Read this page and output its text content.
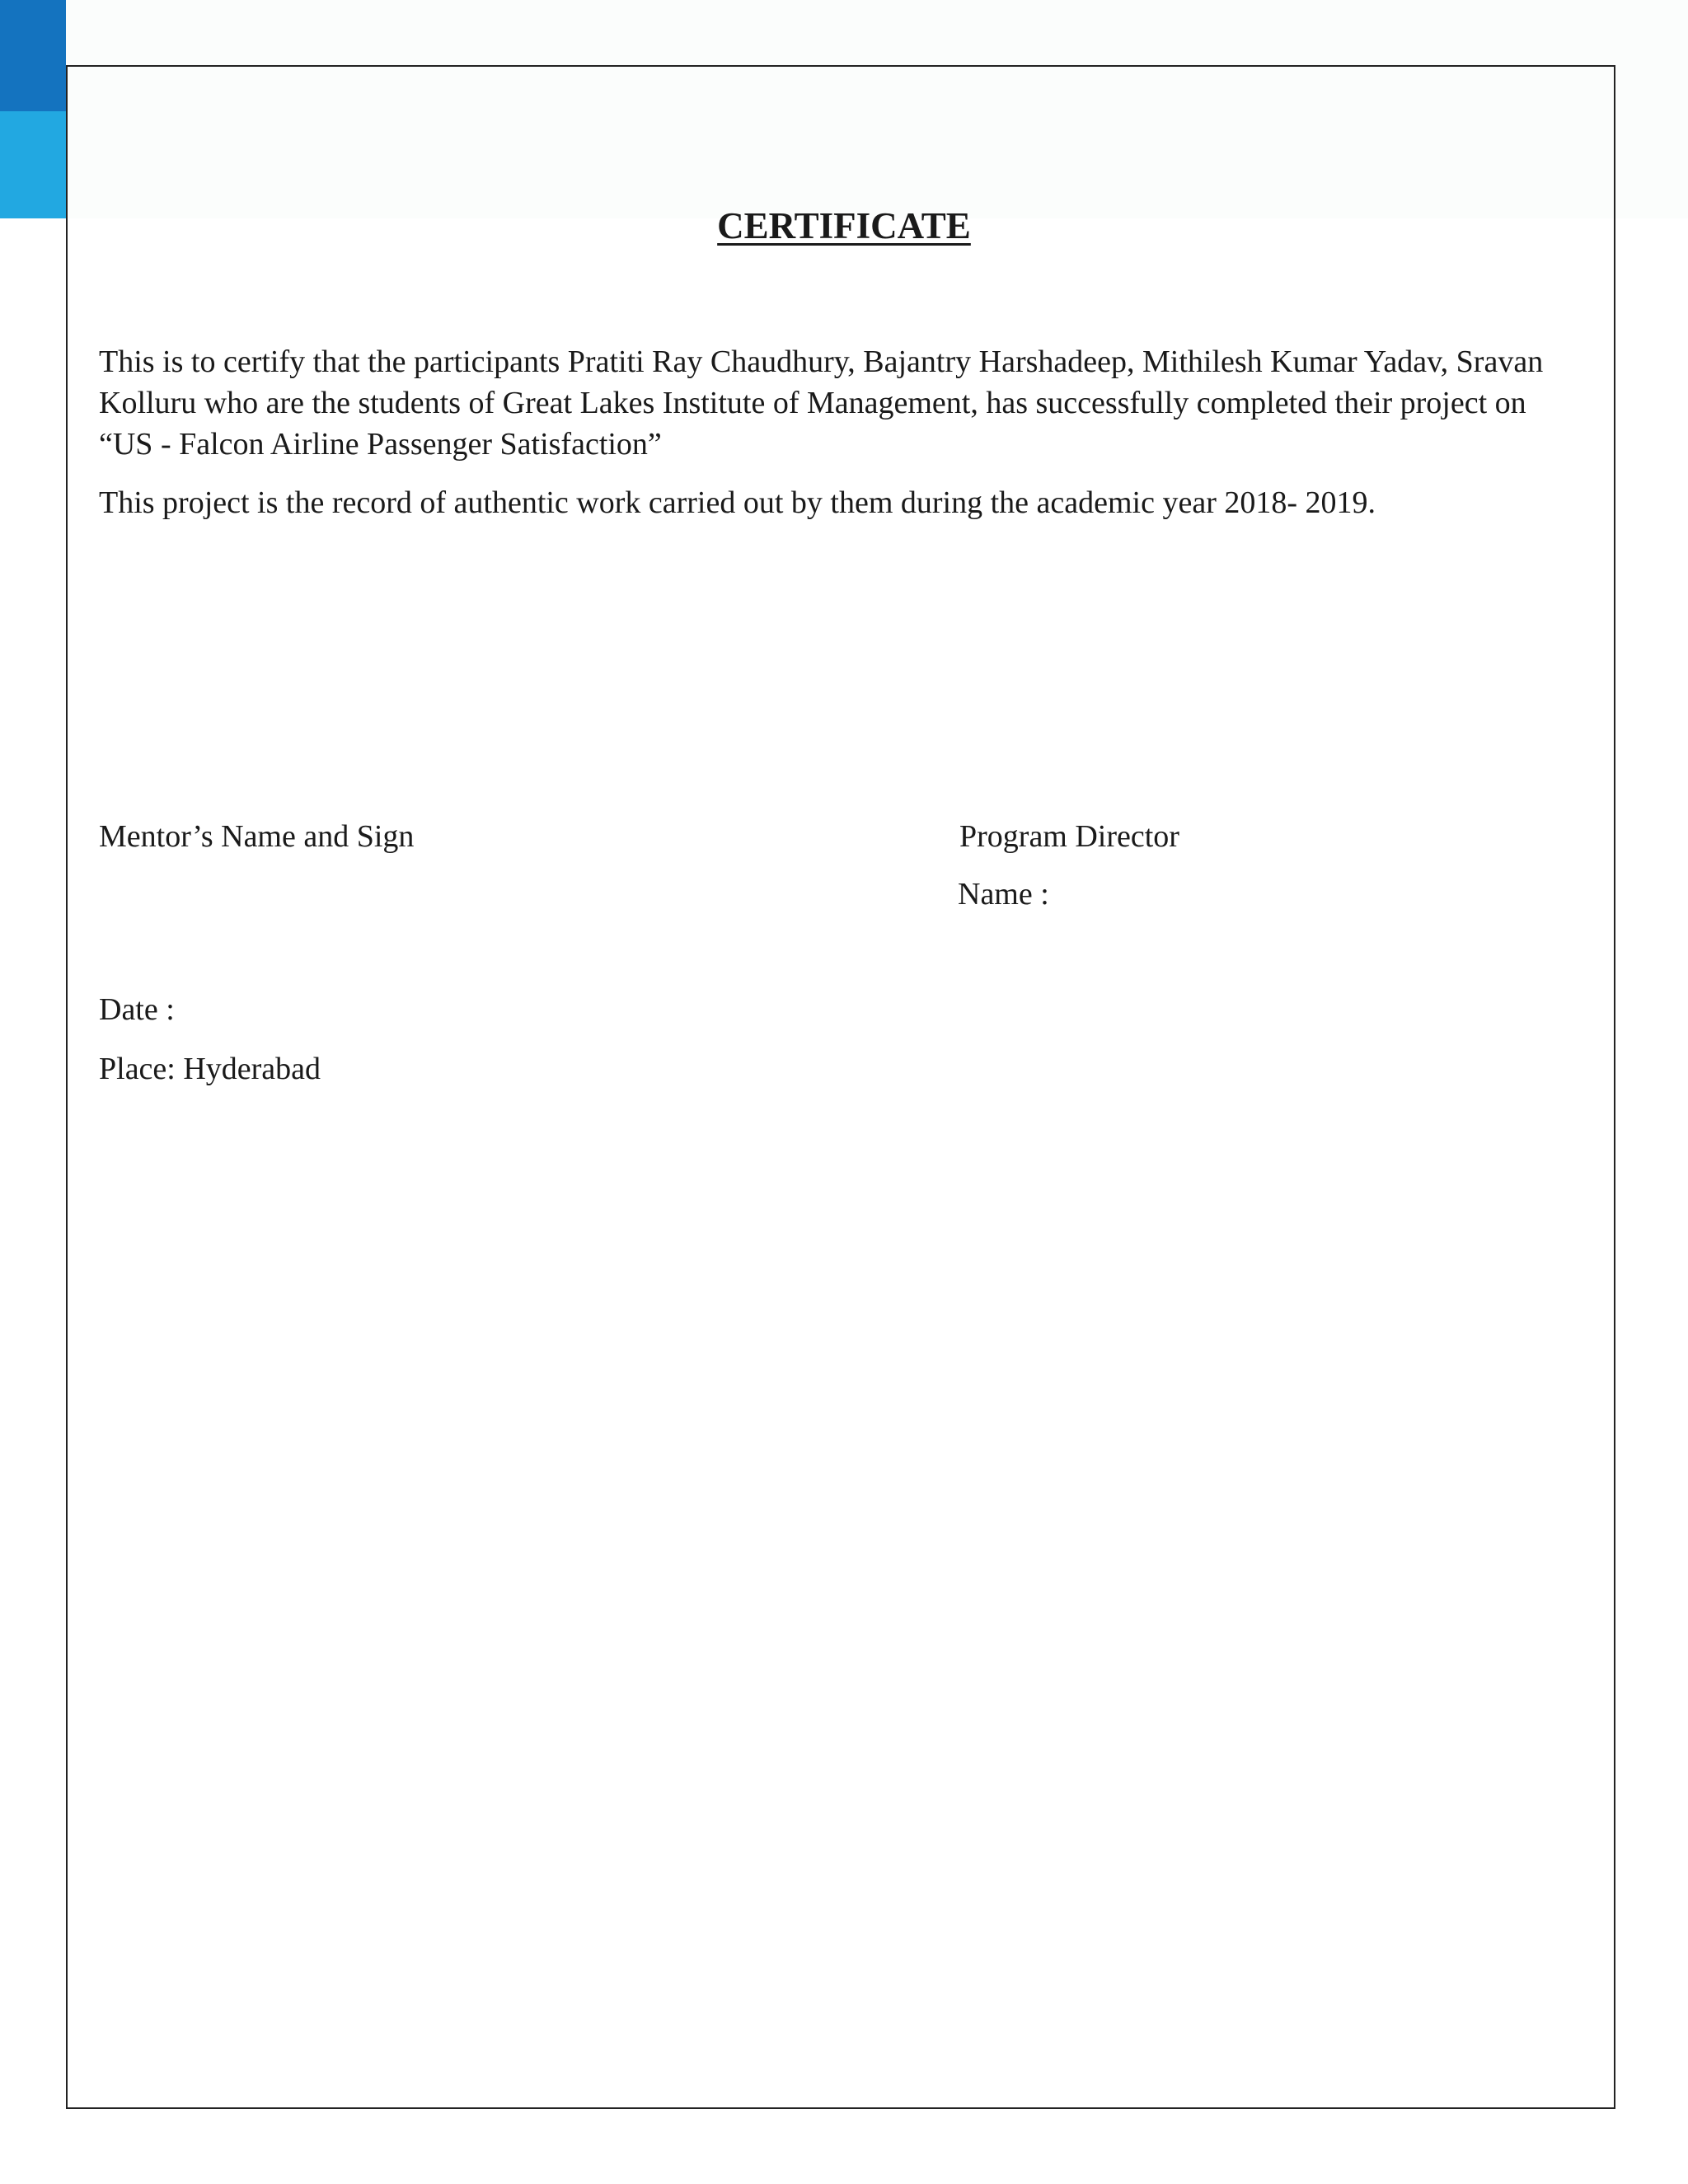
CERTIFICATE

This is to certify that the participants Pratiti Ray Chaudhury, Bajantry Harshadeep, Mithilesh Kumar Yadav, Sravan Kolluru who are the students of Great Lakes Institute of Management, has successfully completed their project on “US - Falcon Airline Passenger Satisfaction”

This project is the record of authentic work carried out by them during the academic year 2018- 2019.

Mentor’s Name and Sign	Program Director
Name :
Date :
Place: Hyderabad
